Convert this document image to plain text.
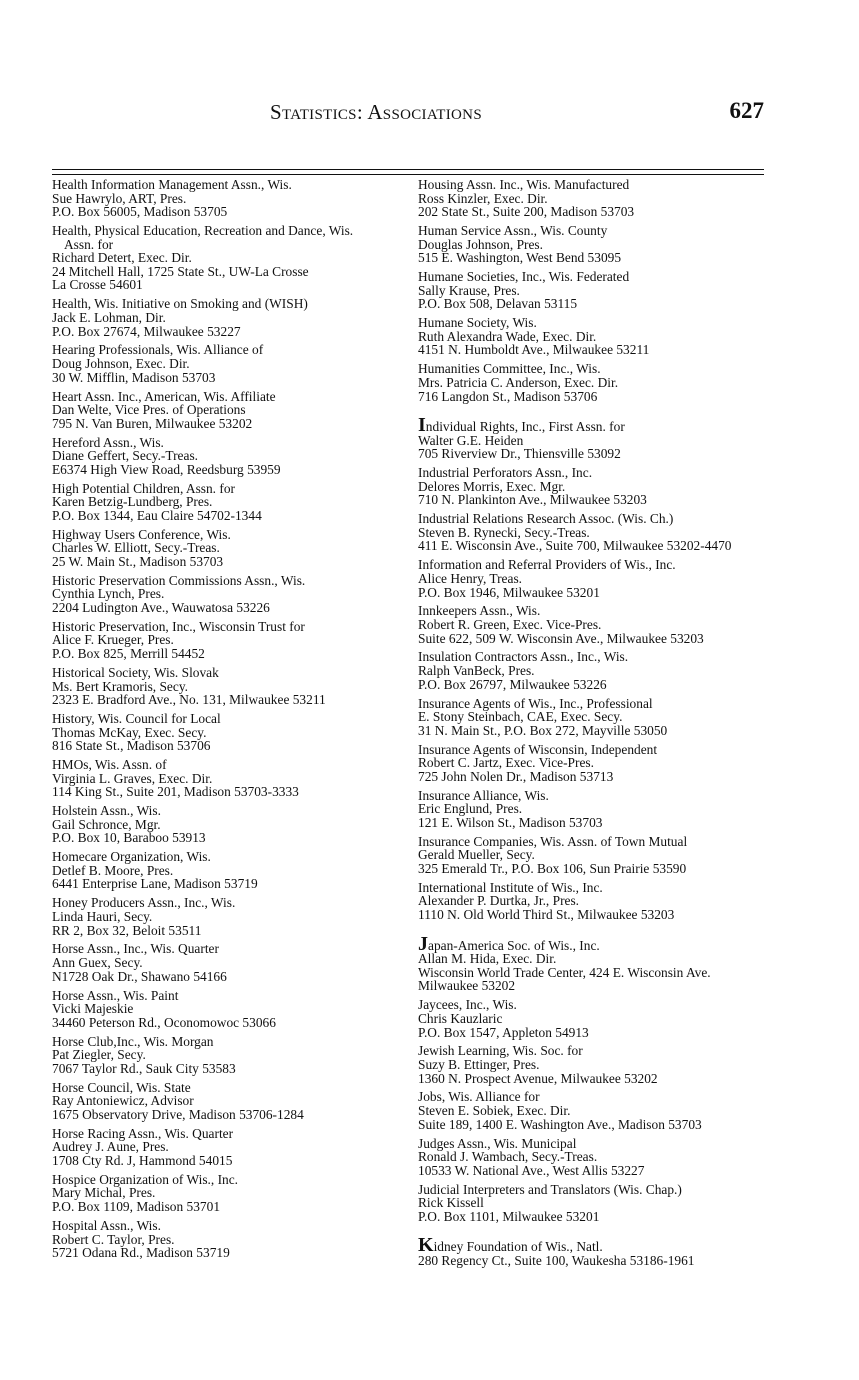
Statistics: Associations	627
Health Information Management Assn., Wis.
Sue Hawrylo, ART, Pres.
P.O. Box 56005, Madison 53705
Health, Physical Education, Recreation and Dance, Wis.
Assn. for
Richard Detert, Exec. Dir.
24 Mitchell Hall, 1725 State St., UW-La Crosse
La Crosse 54601
Health, Wis. Initiative on Smoking and (WISH)
Jack E. Lohman, Dir.
P.O. Box 27674, Milwaukee 53227
Hearing Professionals, Wis. Alliance of
Doug Johnson, Exec. Dir.
30 W. Mifflin, Madison 53703
Heart Assn. Inc., American, Wis. Affiliate
Dan Welte, Vice Pres. of Operations
795 N. Van Buren, Milwaukee 53202
Hereford Assn., Wis.
Diane Geffert, Secy.-Treas.
E6374 High View Road, Reedsburg 53959
High Potential Children, Assn. for
Karen Betzig-Lundberg, Pres.
P.O. Box 1344, Eau Claire 54702-1344
Highway Users Conference, Wis.
Charles W. Elliott, Secy.-Treas.
25 W. Main St., Madison 53703
Historic Preservation Commissions Assn., Wis.
Cynthia Lynch, Pres.
2204 Ludington Ave., Wauwatosa 53226
Historic Preservation, Inc., Wisconsin Trust for
Alice F. Krueger, Pres.
P.O. Box 825, Merrill 54452
Historical Society, Wis. Slovak
Ms. Bert Kramoris, Secy.
2323 E. Bradford Ave., No. 131, Milwaukee 53211
History, Wis. Council for Local
Thomas McKay, Exec. Secy.
816 State St., Madison 53706
HMOs, Wis. Assn. of
Virginia L. Graves, Exec. Dir.
114 King St., Suite 201, Madison 53703-3333
Holstein Assn., Wis.
Gail Schronce, Mgr.
P.O. Box 10, Baraboo 53913
Homecare Organization, Wis.
Detlef B. Moore, Pres.
6441 Enterprise Lane, Madison 53719
Honey Producers Assn., Inc., Wis.
Linda Hauri, Secy.
RR 2, Box 32, Beloit 53511
Horse Assn., Inc., Wis. Quarter
Ann Guex, Secy.
N1728 Oak Dr., Shawano 54166
Horse Assn., Wis. Paint
Vicki Majeskie
34460 Peterson Rd., Oconomowoc 53066
Horse Club,Inc., Wis. Morgan
Pat Ziegler, Secy.
7067 Taylor Rd., Sauk City 53583
Horse Council, Wis. State
Ray Antoniewicz, Advisor
1675 Observatory Drive, Madison 53706-1284
Horse Racing Assn., Wis. Quarter
Audrey J. Aune, Pres.
1708 Cty Rd. J, Hammond 54015
Hospice Organization of Wis., Inc.
Mary Michal, Pres.
P.O. Box 1109, Madison 53701
Hospital Assn., Wis.
Robert C. Taylor, Pres.
5721 Odana Rd., Madison 53719
Housing Assn. Inc., Wis. Manufactured
Ross Kinzler, Exec. Dir.
202 State St., Suite 200, Madison 53703
Human Service Assn., Wis. County
Douglas Johnson, Pres.
515 E. Washington, West Bend 53095
Humane Societies, Inc., Wis. Federated
Sally Krause, Pres.
P.O. Box 508, Delavan 53115
Humane Society, Wis.
Ruth Alexandra Wade, Exec. Dir.
4151 N. Humboldt Ave., Milwaukee 53211
Humanities Committee, Inc., Wis.
Mrs. Patricia C. Anderson, Exec. Dir.
716 Langdon St., Madison 53706
Individual Rights, Inc., First Assn. for
Walter G.E. Heiden
705 Riverview Dr., Thiensville 53092
Industrial Perforators Assn., Inc.
Delores Morris, Exec. Mgr.
710 N. Plankinton Ave., Milwaukee 53203
Industrial Relations Research Assoc. (Wis. Ch.)
Steven B. Rynecki, Secy.-Treas.
411 E. Wisconsin Ave., Suite 700, Milwaukee 53202-4470
Information and Referral Providers of Wis., Inc.
Alice Henry, Treas.
P.O. Box 1946, Milwaukee 53201
Innkeepers Assn., Wis.
Robert R. Green, Exec. Vice-Pres.
Suite 622, 509 W. Wisconsin Ave., Milwaukee 53203
Insulation Contractors Assn., Inc., Wis.
Ralph VanBeck, Pres.
P.O. Box 26797, Milwaukee 53226
Insurance Agents of Wis., Inc., Professional
E. Stony Steinbach, CAE, Exec. Secy.
31 N. Main St., P.O. Box 272, Mayville 53050
Insurance Agents of Wisconsin, Independent
Robert C. Jartz, Exec. Vice-Pres.
725 John Nolen Dr., Madison 53713
Insurance Alliance, Wis.
Eric Englund, Pres.
121 E. Wilson St., Madison 53703
Insurance Companies, Wis. Assn. of Town Mutual
Gerald Mueller, Secy.
325 Emerald Tr., P.O. Box 106, Sun Prairie 53590
International Institute of Wis., Inc.
Alexander P. Durtka, Jr., Pres.
1110 N. Old World Third St., Milwaukee 53203
Japan-America Soc. of Wis., Inc.
Allan M. Hida, Exec. Dir.
Wisconsin World Trade Center, 424 E. Wisconsin Ave.
Milwaukee 53202
Jaycees, Inc., Wis.
Chris Kauzlaric
P.O. Box 1547, Appleton 54913
Jewish Learning, Wis. Soc. for
Suzy B. Ettinger, Pres.
1360 N. Prospect Avenue, Milwaukee 53202
Jobs, Wis. Alliance for
Steven E. Sobiek, Exec. Dir.
Suite 189, 1400 E. Washington Ave., Madison 53703
Judges Assn., Wis. Municipal
Ronald J. Wambach, Secy.-Treas.
10533 W. National Ave., West Allis 53227
Judicial Interpreters and Translators (Wis. Chap.)
Rick Kissell
P.O. Box 1101, Milwaukee 53201
Kidney Foundation of Wis., Natl.
280 Regency Ct., Suite 100, Waukesha 53186-1961
